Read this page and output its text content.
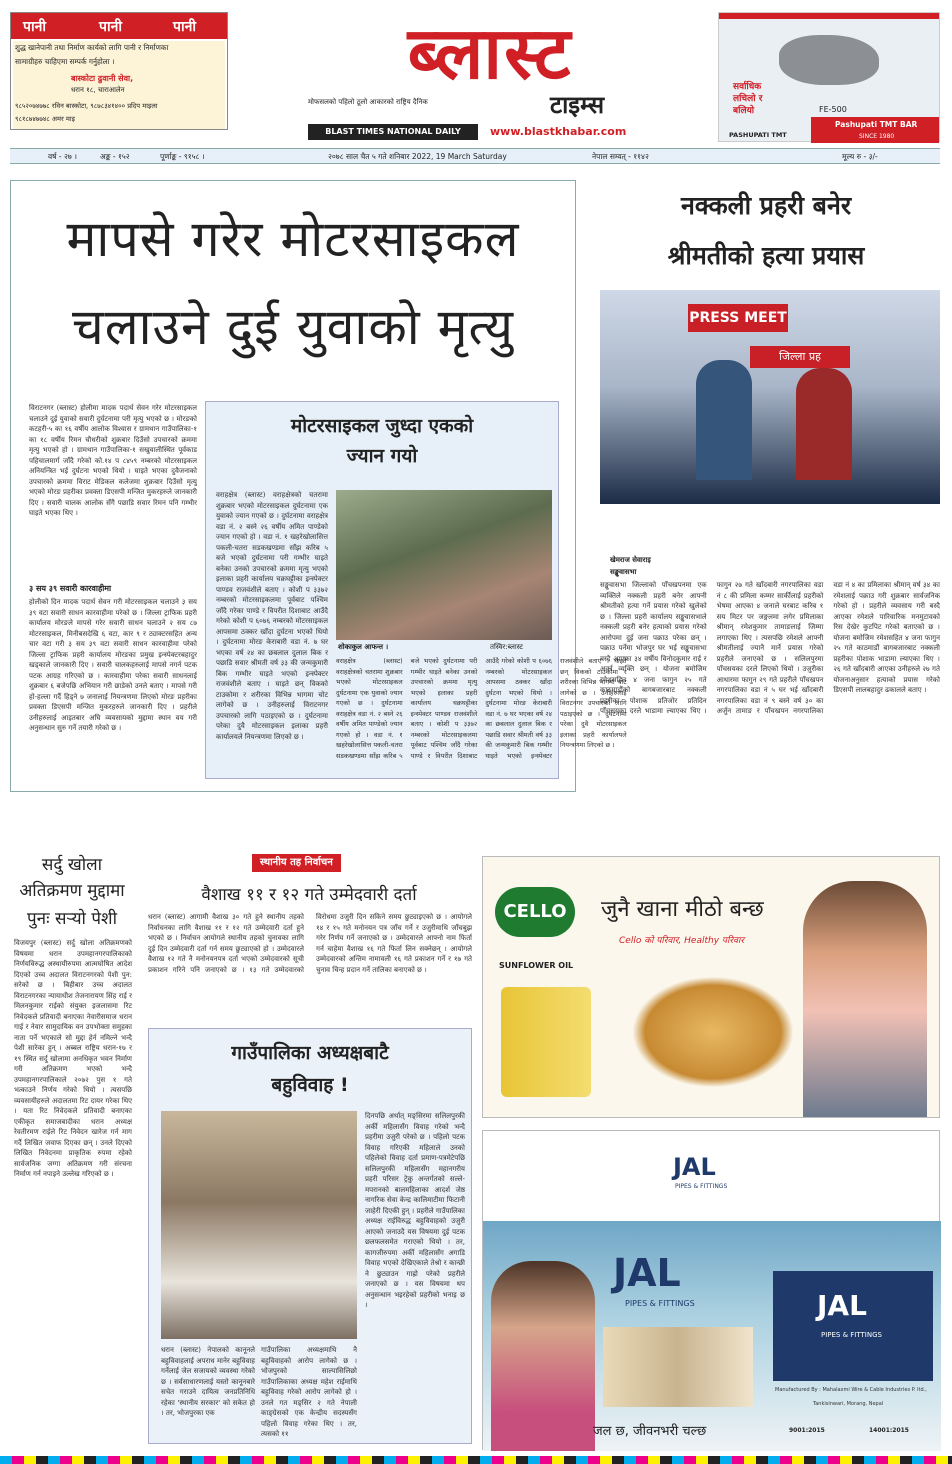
पानी	पानी	पानी
शुद्ध खानेपानी तथा निर्माण कार्यको लागि पानी र निर्माणका
सामाग्रीहरु चाहिएमा सम्पर्क गर्नुहोला ।
बास्कोटा ढुवानी सेवा,
धरान १८, चाराआलेन
९८५२०७४७७८ रविन बास्कोटा, ९८७८३४१४०० प्रदिप माइला
९८१८७४७७४८ अमर माइ
ब्लास्ट
मोफसलको पहिलो ठूलो आकारको राष्ट्रिय दैनिक	टाइम्स
BLAST TIMES NATIONAL DAILY	www.blastkhabar.com
सर्वाधिक
लचिलो र
बलियो	FE-500
Pashupati TMT BAR
SINCE 1980
PASHUPATI TMT
वर्ष - २७ ।	अङ्क - १५२	पूर्णाङ्क - ९१५८ ।	२०७८ साल चैत ५ गते शनिबार 2022, 19 March Saturday	नेपाल सम्वत् - ११४२	मूल्य रु - ३/-
मापसे गरेर मोटरसाइकल
चलाउने दुई युवाको मृत्यु
विराटनगर (ब्लास्ट) होलीमा मादक पदार्थ सेवन गरेर मोटरसाइकल चलाउने दुई युवाको सवारी दुर्घटनामा परी मृत्यु भएको छ । मोरङको कटहरी-५ का १६ वर्षीय आलोक विश्वास र ग्रामथान गाउँपालिका-१ का १८ वर्षीय रिमन चौधरीको शुक्रबार दिउँसो उपचारको क्रममा मृत्यु भएको हो । ग्रामथान गाउँपालिका-१ सखुवालीस्थित पूर्वकाड पहिचालमार्ग जाँदै गरेको को.१४ प ८४५९ नम्बरको मोटरसाइकल अनियन्त्रित भई दुर्घटना भएको थियो । घाइते भएका दुवैजनाको उपचारको क्रममा विराट मेडिकल कलेजमा शुक्रबार दिउँसो मृत्यु भएको मोरङ प्रहरीका प्रवक्ता डिएसपी मन्जित मुकरहरुले जानकारी दिए । सवारी चालक आलोक सँगै पछाडि सवार रिमन पनि गम्भीर घाइते भएका थिए ।
३ सय ३९ सवारी कारवाहीमा
होलीको दिन मादक पदार्थ सेवन गरी मोटरसाइकल चलाउने ३ सय ३९ वटा सवारी साधन कारवाहीमा परेको छ । जिल्ला ट्राफिक प्रहरी कार्यालय मोरङले मापसे गरेर सवारी साधन चलाउने २ सय ८७ मोटरसाइकल, मिनीबसदेखि ६ वटा, कार ९ र ट्याक्टरसहित अन्य चार वटा गरी ३ सय ३९ वटा सवारी साधन कारवाहीमा परेको जिल्ला ट्राफिक प्रहरी कार्यालय मोरङका प्रमुख इन्स्पेक्टरबहादुर खड्काले जानकारी दिए । सवारी चालकहरुलाई मापसे नगर्न पटक पटक आग्रह गरिएको छ । कारवाहीमा परेका सवारी साधनलाई शुक्रबार ६ बजेपछि अभियान गरी छाडेको उनले बताए । मापसे गरी हो-हल्ला गर्दै हिड्ने ७ जनालाई नियन्त्रणमा लिएको मोरङ प्रहरीका प्रवक्ता डिएसपी मन्जित मुकरहरुले जानकारी दिए । प्रहरीले उनीहरुलाई आइतबार अघि व्यवसायको मुद्दामा स्थान वय गरी अनुसन्धान सुरु गर्ने तयारी गरेको छ ।
मोटरसाइकल जुध्दा एकको
ज्यान गयो
वराहक्षेत्र (ब्लास्ट) वराहक्षेत्रको चतरामा शुक्रबार भएको मोटरसाइकल दुर्घटनामा एक युवाको ज्यान गएको छ । दुर्घटनामा वराहक्षेत्र वडा नं. २ बस्ने २६ वर्षीय अमित पाण्डेको ज्यान गएको हो । वडा नं. १ खहरेखोलासित्त पकली-चतरा सडकखण्डमा साँझ करिब ५ बजे भएको दुर्घटनामा परी गम्भीर घाइते बनेका उनको उपचारको क्रममा मृत्यु भएको इलाका प्रहरी कार्यालय चक्रघट्टीका इन्स्पेक्टर पाण्डव राजवंशीले बताए । कोशी प ३३७२ नम्बरको मोटरसाइकलमा पूर्वबाट पश्चिम जाँदै गरेका पाण्डे र विपरीत दिशाबाट आउँदै गरेको कोशी प ६०७६ नम्बरको मोटरसाइकल आपसमा ठक्कर खाँदा दुर्घटना भएको थियो । दुर्घटनामा मोरङ केराबारी वडा नं. ७ घर भएका वर्ष २४ का छबलाल दुलाल बिक र पछाडि सवार श्रीमती वर्ष ३३ की जन्मकुमारी बिक गम्भीर घाइते भएको इन्स्पेक्टर राजवंशीले बताए । घाइते छन् विकको टाउकोमा र शरीरका विभिन्न भागमा चोट लागेको छ । उनीहरुलाई विराटनगर उपचारको लागि पठाइएको छ । दुर्घटनामा परेका दुवै मोटरसाइकल इलाका प्रहरी कार्यालयले नियन्त्रणमा लिएको छ ।
शोकाकुल आफन्त ।	तस्विर:ब्लास्ट
वराहक्षेत्र (ब्लास्ट) वराहक्षेत्रको चतरामा शुक्रबार भएको मोटरसाइकल दुर्घटनामा एक युवाको ज्यान गएको छ । दुर्घटनामा वराहक्षेत्र वडा नं. २ बस्ने २६ वर्षीय अमित पाण्डेको ज्यान गएको हो । वडा नं. १ खहरेखोलासित्त पकली-चतरा सडकखण्डमा साँझ करिब ५ बजे भएको दुर्घटनामा परी गम्भीर घाइते बनेका उनको उपचारको क्रममा मृत्यु भएको इलाका प्रहरी कार्यालय चक्रघट्टीका इन्स्पेक्टर पाण्डव राजवंशीले बताए । कोशी प ३३७२ नम्बरको मोटरसाइकलमा पूर्वबाट पश्चिम जाँदै गरेका पाण्डे र विपरीत दिशाबाट आउँदै गरेको कोशी प ६०७६ नम्बरको मोटरसाइकल आपसमा ठक्कर खाँदा दुर्घटना भएको थियो । दुर्घटनामा मोरङ केराबारी वडा नं. ७ घर भएका वर्ष २४ का छबलाल दुलाल बिक र पछाडि सवार श्रीमती वर्ष ३३ की जन्मकुमारी बिक गम्भीर घाइते भएको इन्स्पेक्टर राजवंशीले बताए । घाइते छन् विकको टाउकोमा र शरीरका विभिन्न भागमा चोट लागेको छ । उनीहरुलाई विराटनगर उपचारको लागि पठाइएको छ । दुर्घटनामा परेका दुवै मोटरसाइकल इलाका प्रहरी कार्यालयले नियन्त्रणमा लिएको छ ।
नक्कली प्रहरी बनेर
श्रीमतीको हत्या प्रयास
PRESS MEET
जिल्ला प्रह
खेमराज सेवाराइ
सङ्खुवासभा
सङ्खुवासभा जिल्लाको पाँचखपनमा एक व्यक्तिले नक्कली प्रहरी बनेर आफ्नी श्रीमतीको हत्या गर्ने प्रयास गरेको खुलेको छ । जिल्ला प्रहरी कार्यालय सङ्खुवासभाले नक्कली प्रहरी बनेर हत्याको प्रयास गरेको आरोपमा दुई जना पक्राउ परेका छन् । पक्राउ पर्नेमा भोजपुर घर भई सङ्खुवासभा बस्दै आएका ३४ वर्षीय विनोदकुमार राई र अर्का व्यक्ति छन् । योजना बमोजिम रमेशसहित ४ जना फागुन २५ गते काठमाडौंको बागबजारबाट नक्कली प्रहरीका पोशाक प्रतिजोर प्रतिदिन पाँचसयका दरले भाडामा ल्याएका थिए । फागुन २७ गते खाँदबारी नगरपालिका वडा नं ८ की प्रमिला कम्मर सार्कीलाई प्रहरीको भेषमा आएका ४ जनाले घरबाट करिब १ सय मिटर पर जङ्गलमा लगेर प्रमिलाका श्रीमान् रमेशकुमार तामाङलाई जिम्मा लगाएका थिए । त्यसपछि रमेशले आफ्नी श्रीमतीलाई ज्यानै मार्ने प्रयास गरेको प्रहरीले जनाएको छ । सलिलपुरमा पाँचसयका दरले लिएको थियो । उजुरीका आधारमा फागुन २९ गते प्रहरीले पाँचखपन नगरपालिका वडा नं ५ घर भई खाँदबारी नगरपालिका वडा नं ९ बस्ने वर्ष ३० का अर्जुन तामाङ र पाँचखपन नगरपालिका वडा नं ४ का प्रमिलाका श्रीमान् वर्ष ३४ का रमेशलाई पक्राउ गरी शुक्रबार सार्वजनिक गरेको हो । प्रहरीले व्यवसाय गरी बस्दै आएका रमेशले पारिवारिक मनमुटावको रिस देखेर कुटपिट गरेको बताएको छ । योजना बमोजिम रमेशसहित ४ जना फागुन २५ गते काठमाडौं बागबजारबाट नक्कली प्रहरीका पोशाक भाडामा ल्याएका थिए । २६ गते खाँदबारी आएका उनीहरुले २७ गते योजनाअनुसार हत्याको प्रयास गरेको डिएसपी लालबहादुर ढकालले बताए ।
सर्दु खोला
अतिक्रमण मुद्दामा
पुनः सऱ्यो पेशी
विजयपुर (ब्लास्ट) सर्दु खोला अतिक्रमणको विषयमा धरान उपमहानगरपालिकाको निर्णयविरुद्ध अस्थायीरुपमा आत्मघोषित आदेश दिएको उच्च अदालत विराटनगरको पेशी पुन: सरेको छ । बिहीबार उच्च अदालत विराटनगरका न्यायाधीश तेजनारायण सिंह राई र मिलनकुमार राईको संयुक्त इजलासमा रिट निवेदकले प्रतिवादी बनाएका नेवारीसमाज धरान गाई र नेवार सामुदायिक वन उपभोक्ता समुहका नाता पर्ने भएकाले सो मुद्दा हेर्न नमिल्ने भन्दै पेशी सारेका हुन् । अब्बल राष्ट्रिय धरान-१७ र १९ स्थित सर्दु खोलामा अनधिकृत भवन निर्माण गरी अतिक्रमण भएको भन्दै उपमहानगरपालिकाले २०७२ पुस १ गते भत्काउने निर्णय गरेको थियो । त्यसपछि व्यवसायीहरुले अदालतमा रिट दायर गरेका थिए । यता रिट निवेदकले प्रतिवादी बनाएका एकीकृत समाजबादीका धरान अध्यक्ष रेवतीरमण राईले रिट निवेदन खारेज गर्न माग गर्दै लिखित जवाफ दिएका छन् । उनले दिएको लिखित निवेदनमा प्राकृतिक रुपमा रहेको सार्वजनिक जग्गा अतिक्रमण गरी संरचना निर्माण गर्न नपाइने उल्लेख गरिएको छ ।
स्थानीय तह निर्वाचन
वैशाख ११ र १२ गते उम्मेदवारी दर्ता
धरान (ब्लास्ट) आगामी वैशाख ३० गते हुने स्थानीय तहको निर्वाचनका लागि वैशाख ११ र १२ गते उम्मेदवारी दर्ता हुने भएको छ । निर्वाचन आयोगले स्थानीय तहको चुनावका लागि दुई दिन उम्मेदवारी दर्ता गर्न समय छुट्याएको हो । उम्मेदवारले वैशाख १२ गते नै मनोनयनपत्र दर्ता भएको उम्मेदवारको सूची प्रकाशन गरिने पनि जनाएको छ । १३ गते उम्मेदवारको विरोधमा उजुरी दिन सकिने समय छुट्याइएको छ । आयोगले १४ र १५ गते मनोनयन पत्र जाँच गर्ने र उजुरीमाथि जाँचबुझ गरेर निर्णय गर्ने जनाएको छ । उम्मेदवारले आफ्नो नाम फिर्ता गर्न चाहेमा वैशाख १६ गते फिर्ता लिन सक्नेछन् । आयोगले उम्मेदवारको अन्तिम नामावली १६ गते प्रकाशन गर्ने र १७ गते चुनाव चिन्ह प्रदान गर्ने तालिका बनाएको छ ।
गाउँपालिका अध्यक्षबाटै
बहुविवाह !
धरान (ब्लास्ट) नेपालको कानूनले बहुविवाहलाई अपराध मानेर बहुविवाह गर्नेलाई जेल सजायको व्यवस्था गरेको छ । सर्वसाधारणलाई यस्तो कानूनबारे सचेत गराउने दायित्व जनप्रतिनिधि रहेका 'स्थानीय सरकार' को सकेत हो । तर, भोजपुरका एक
गाउँपालिका अध्यक्षमाथि नै बहुविवाहको आरोप लागेको छ । भोजपुरको साल्पासिलिछो गाउँपालिकाका अध्यक्ष महेश राईमाथि बहुविवाह गरेको आरोप लागेको हो । उनले गत मङ्सिर २ गते नेपाली काङ्ग्रेसको एक केन्द्रीय सदस्यसँग पहिलो विवाह गरेका थिए । तर, त्यसको ११
दिनपछि अर्थात् मङ्सिरमा सलिलपुरकी अर्की महिलासँग विवाह गरेको भन्दै प्रहरीमा उजुरी परेको छ । पहिलो पटक विवाह गरिएकी महिलाले उनको पहिलेको विवाह दर्ता प्रमाण-पत्रमेटेपछि सलिलपुरकी महिलासँग महानगरीय प्रहरी परिसर ट्रेकु अन्तर्गतको सल्ले-मपरानको बालमहिलाका आदर्श जेष्ठ नागरिक सेवा केन्द्र कालिमाटीमा फिटानी जाहेरी दिएकी हुन् । प्रहरीले गाउँपालिका अध्यक्ष राईविरुद्ध बहुविवाहको उजुरी आएको जनाउदै यस विषयमा दुई पटक छलफलसमेत गराएको थियो । तर, कागजीरुपमा अर्की महिलासँग अगाडि विवाह भएको देखिएकाले तेश्रो र कान्छी ने छुट्याउन गाह्रो परेको प्रहरीले जनाएको छ । यस विषयमा थप अनुसन्धान भइरहेको प्रहरीको भनाइ छ ।
CELLO
SUNFLOWER OIL
जुनै खाना मीठो बन्छ
Cello को परिवार, Healthy परिवार
JAL
PIPES & FITTINGS
JAL
PIPES & FITTINGS
जल छ, जीवनभरी चल्छ
JAL
PIPES & FITTINGS
Manufactured By : Mahalaxmi Wire & Cable Industries P. ltd.,
Tankisinwari, Morang, Nepal
9001:2015	14001:2015
